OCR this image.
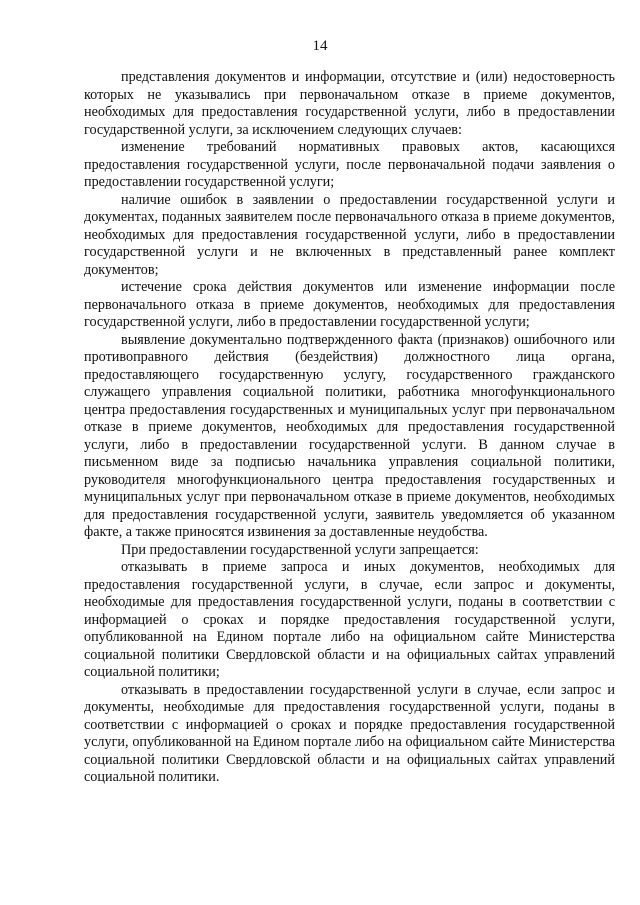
14

представления документов и информации, отсутствие и (или) недостоверность которых не указывались при первоначальном отказе в приеме документов, необходимых для предоставления государственной услуги, либо в предоставлении государственной услуги, за исключением следующих случаев:

изменение требований нормативных правовых актов, касающихся предоставления государственной услуги, после первоначальной подачи заявления о предоставлении государственной услуги;

наличие ошибок в заявлении о предоставлении государственной услуги и документах, поданных заявителем после первоначального отказа в приеме документов, необходимых для предоставления государственной услуги, либо в предоставлении государственной услуги и не включенных в представленный ранее комплект документов;

истечение срока действия документов или изменение информации после первоначального отказа в приеме документов, необходимых для предоставления государственной услуги, либо в предоставлении государственной услуги;

выявление документально подтвержденного факта (признаков) ошибочного или противоправного действия (бездействия) должностного лица органа, предоставляющего государственную услугу, государственного гражданского служащего управления социальной политики, работника многофункционального центра предоставления государственных и муниципальных услуг при первоначальном отказе в приеме документов, необходимых для предоставления государственной услуги, либо в предоставлении государственной услуги. В данном случае в письменном виде за подписью начальника управления социальной политики, руководителя многофункционального центра предоставления государственных и муниципальных услуг при первоначальном отказе в приеме документов, необходимых для предоставления государственной услуги, заявитель уведомляется об указанном факте, а также приносятся извинения за доставленные неудобства.

При предоставлении государственной услуги запрещается:

отказывать в приеме запроса и иных документов, необходимых для предоставления государственной услуги, в случае, если запрос и документы, необходимые для предоставления государственной услуги, поданы в соответствии с информацией о сроках и порядке предоставления государственной услуги, опубликованной на Едином портале либо на официальном сайте Министерства социальной политики Свердловской области и на официальных сайтах управлений социальной политики;

отказывать в предоставлении государственной услуги в случае, если запрос и документы, необходимые для предоставления государственной услуги, поданы в соответствии с информацией о сроках и порядке предоставления государственной услуги, опубликованной на Едином портале либо на официальном сайте Министерства социальной политики Свердловской области и на официальных сайтах управлений социальной политики.
